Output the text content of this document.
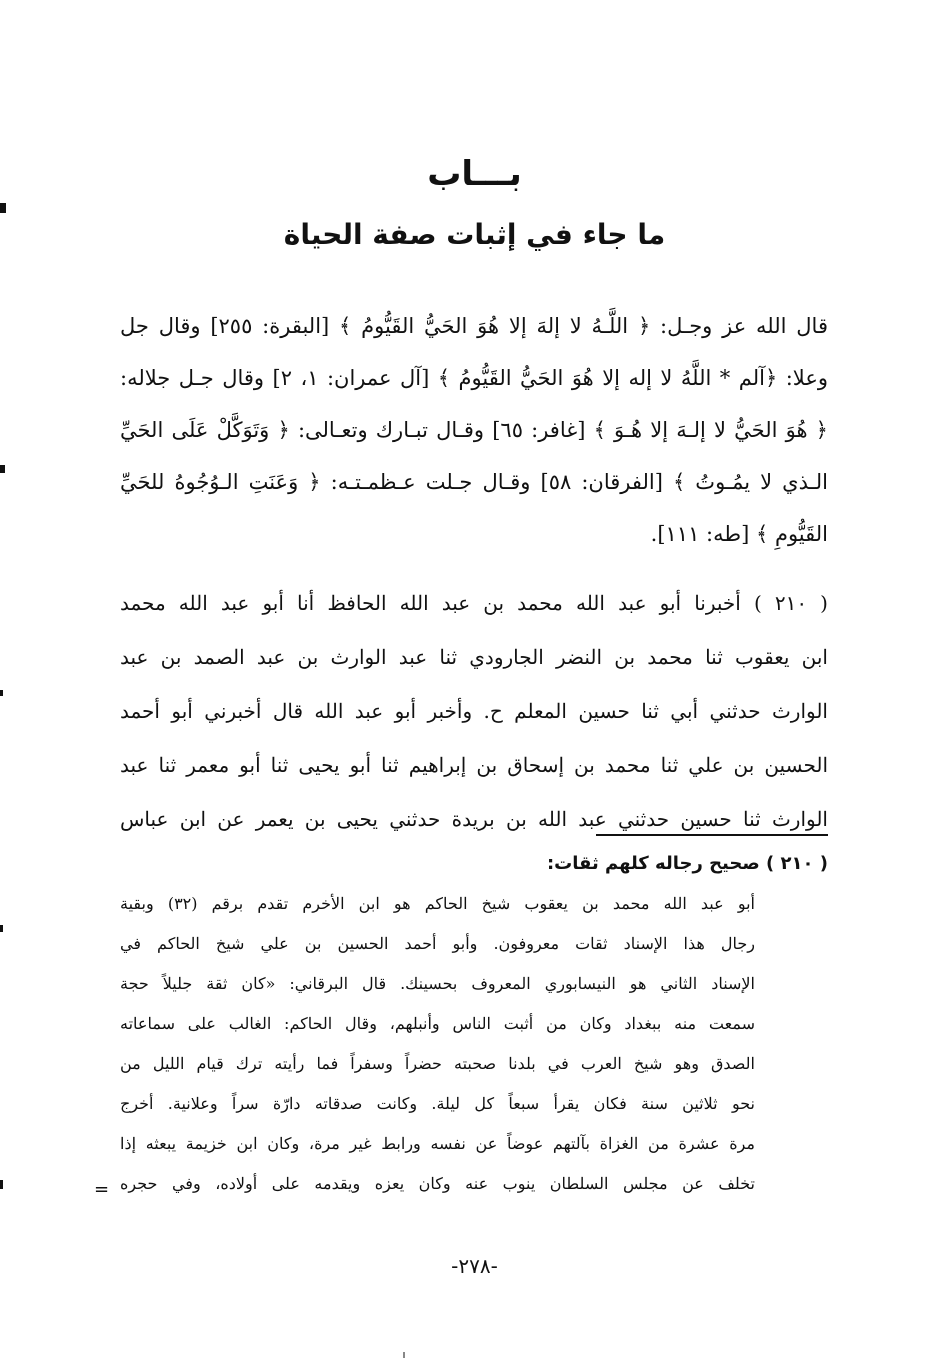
بـــاب
ما جاء في إثبات صفة الحياة
قال الله عز وجـل: ﴿ اللَّـهُ لا إلهَ إلا هُوَ الحَيُّ القَيُّومُ ﴾ [البقرة: ٢٥٥] وقال جل
وعلا: ﴿آلم * اللَّهُ لا إله إلا هُوَ الحَيُّ القَيُّومُ ﴾ [آل عمران: ١، ٢] وقال جـل جلاله:
﴿ هُوَ الحَيُّ لا إلـهَ إلا هُـوَ ﴾ [غافر: ٦٥] وقـال تبـارك وتعـالى: ﴿ وَتَوَكَّلْ عَلَى الحَيِّ
الـذي لا يمُـوتُ ﴾ [الفرقان: ٥٨] وقـال جـلت عـظمـتـه: ﴿ وَعَنَتِ الـوُجُوهُ للحَيِّ
القَيُّومِ ﴾ [طه: ١١١].
( ٢١٠ ) أخبرنا أبو عبد الله محمد بن عبد الله الحافظ أنا أبو عبد الله محمد
ابن يعقوب ثنا محمد بن النضر الجارودي ثنا عبد الوارث بن عبد الصمد بن عبد
الوارث حدثني أبي ثنا حسين المعلم ح. وأخبر أبو عبد الله قال أخبرني أبو أحمد
الحسين بن علي ثنا محمد بن إسحاق بن إبراهيم ثنا أبو يحيى ثنا أبو معمر ثنا عبد
الوارث ثنا حسين حدثني عبد الله بن بريدة حدثني يحيى بن يعمر عن ابن عباس
( ٢١٠ ) صحيح رجاله كلهم ثقات:
أبو عبد الله محمد بن يعقوب شيخ الحاكم هو ابن الأخرم تقدم برقم (٣٢) وبقية
رجال هذا الإسناد ثقات معروفون. وأبو أحمد الحسين بن علي شيخ الحاكم في
الإسناد الثاني هو النيسابوري المعروف بحسينك. قال البرقاني: «كان ثقة جليلاً حجة
سمعت منه ببغداد وكان من أثبت الناس وأنبلهم، وقال الحاكم: الغالب على سماعاته
الصدق وهو شيخ العرب في بلدنا صحبته حضراً وسفراً فما رأيته ترك قيام الليل من
نحو ثلاثين سنة فكان يقرأ سبعاً كل ليلة. وكانت صدقاته دارّة سراً وعلانية. أخرج
مرة عشرة من الغزاة بآلتهم عوضاً عن نفسه ورابط غير مرة، وكان ابن خزيمة يبعثه إذا
تخلف عن مجلس السلطان ينوب عنه وكان يعزه ويقدمه على أولاده، وفي حجره
=
-٢٧٨-
